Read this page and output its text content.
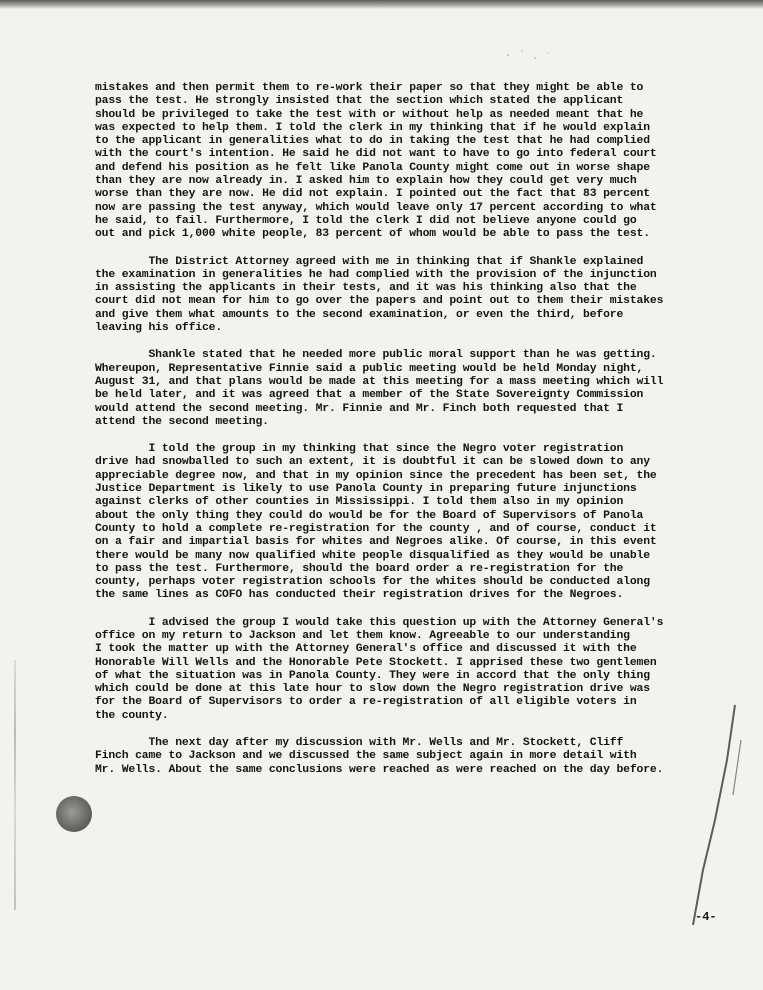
mistakes and then permit them to re-work their paper so that they might be able to
pass the test. He strongly insisted that the section which stated the applicant
should be privileged to take the test with or without help as needed meant that he
was expected to help them. I told the clerk in my thinking that if he would explain
to the applicant in generalities what to do in taking the test that he had complied
with the court's intention. He said he did not want to have to go into federal court
and defend his position as he felt like Panola County might come out in worse shape
than they are now already in. I asked him to explain how they could get very much
worse than they are now. He did not explain. I pointed out the fact that 83 percent
now are passing the test anyway, which would leave only 17 percent according to what
he said, to fail. Furthermore, I told the clerk I did not believe anyone could go
out and pick 1,000 white people, 83 percent of whom would be able to pass the test.
The District Attorney agreed with me in thinking that if Shankle explained
the examination in generalities he had complied with the provision of the injunction
in assisting the applicants in their tests, and it was his thinking also that the
court did not mean for him to go over the papers and point out to them their mistakes
and give them what amounts to the second examination, or even the third, before
leaving his office.
Shankle stated that he needed more public moral support than he was getting.
Whereupon, Representative Finnie said a public meeting would be held Monday night,
August 31, and that plans would be made at this meeting for a mass meeting which will
be held later, and it was agreed that a member of the State Sovereignty Commission
would attend the second meeting. Mr. Finnie and Mr. Finch both requested that I
attend the second meeting.
I told the group in my thinking that since the Negro voter registration
drive had snowballed to such an extent, it is doubtful it can be slowed down to any
appreciable degree now, and that in my opinion since the precedent has been set, the
Justice Department is likely to use Panola County in preparing future injunctions
against clerks of other counties in Mississippi. I told them also in my opinion
about the only thing they could do would be for the Board of Supervisors of Panola
County to hold a complete re-registration for the county , and of course, conduct it
on a fair and impartial basis for whites and Negroes alike. Of course, in this event
there would be many now qualified white people disqualified as they would be unable
to pass the test. Furthermore, should the board order a re-registration for the
county, perhaps voter registration schools for the whites should be conducted along
the same lines as COFO has conducted their registration drives for the Negroes.
I advised the group I would take this question up with the Attorney General's
office on my return to Jackson and let them know. Agreeable to our understanding
I took the matter up with the Attorney General's office and discussed it with the
Honorable Will Wells and the Honorable Pete Stockett. I apprised these two gentlemen
of what the situation was in Panola County. They were in accord that the only thing
which could be done at this late hour to slow down the Negro registration drive was
for the Board of Supervisors to order a re-registration of all eligible voters in
the county.
The next day after my discussion with Mr. Wells and Mr. Stockett, Cliff
Finch came to Jackson and we discussed the same subject again in more detail with
Mr. Wells. About the same conclusions were reached as were reached on the day before.
-4-
